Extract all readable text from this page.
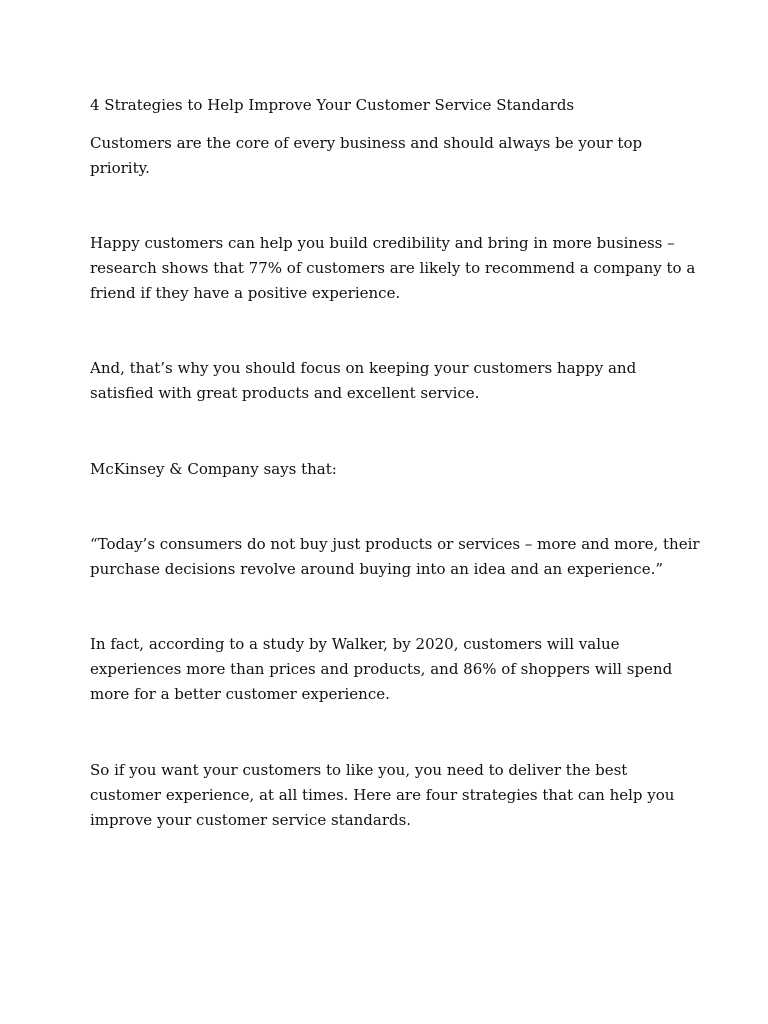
4 Strategies to Help Improve Your Customer Service Standards

Customers are the core of every business and should always be your top
priority.

Happy customers can help you build credibility and bring in more business –
research shows that 77% of customers are likely to recommend a company to a
friend if they have a positive experience.

And, that’s why you should focus on keeping your customers happy and
satisfied with great products and excellent service.

McKinsey & Company says that:

“Today’s consumers do not buy just products or services – more and more, their
purchase decisions revolve around buying into an idea and an experience.”

In fact, according to a study by Walker, by 2020, customers will value
experiences more than prices and products, and 86% of shoppers will spend
more for a better customer experience.

So if you want your customers to like you, you need to deliver the best
customer experience, at all times. Here are four strategies that can help you
improve your customer service standards.
